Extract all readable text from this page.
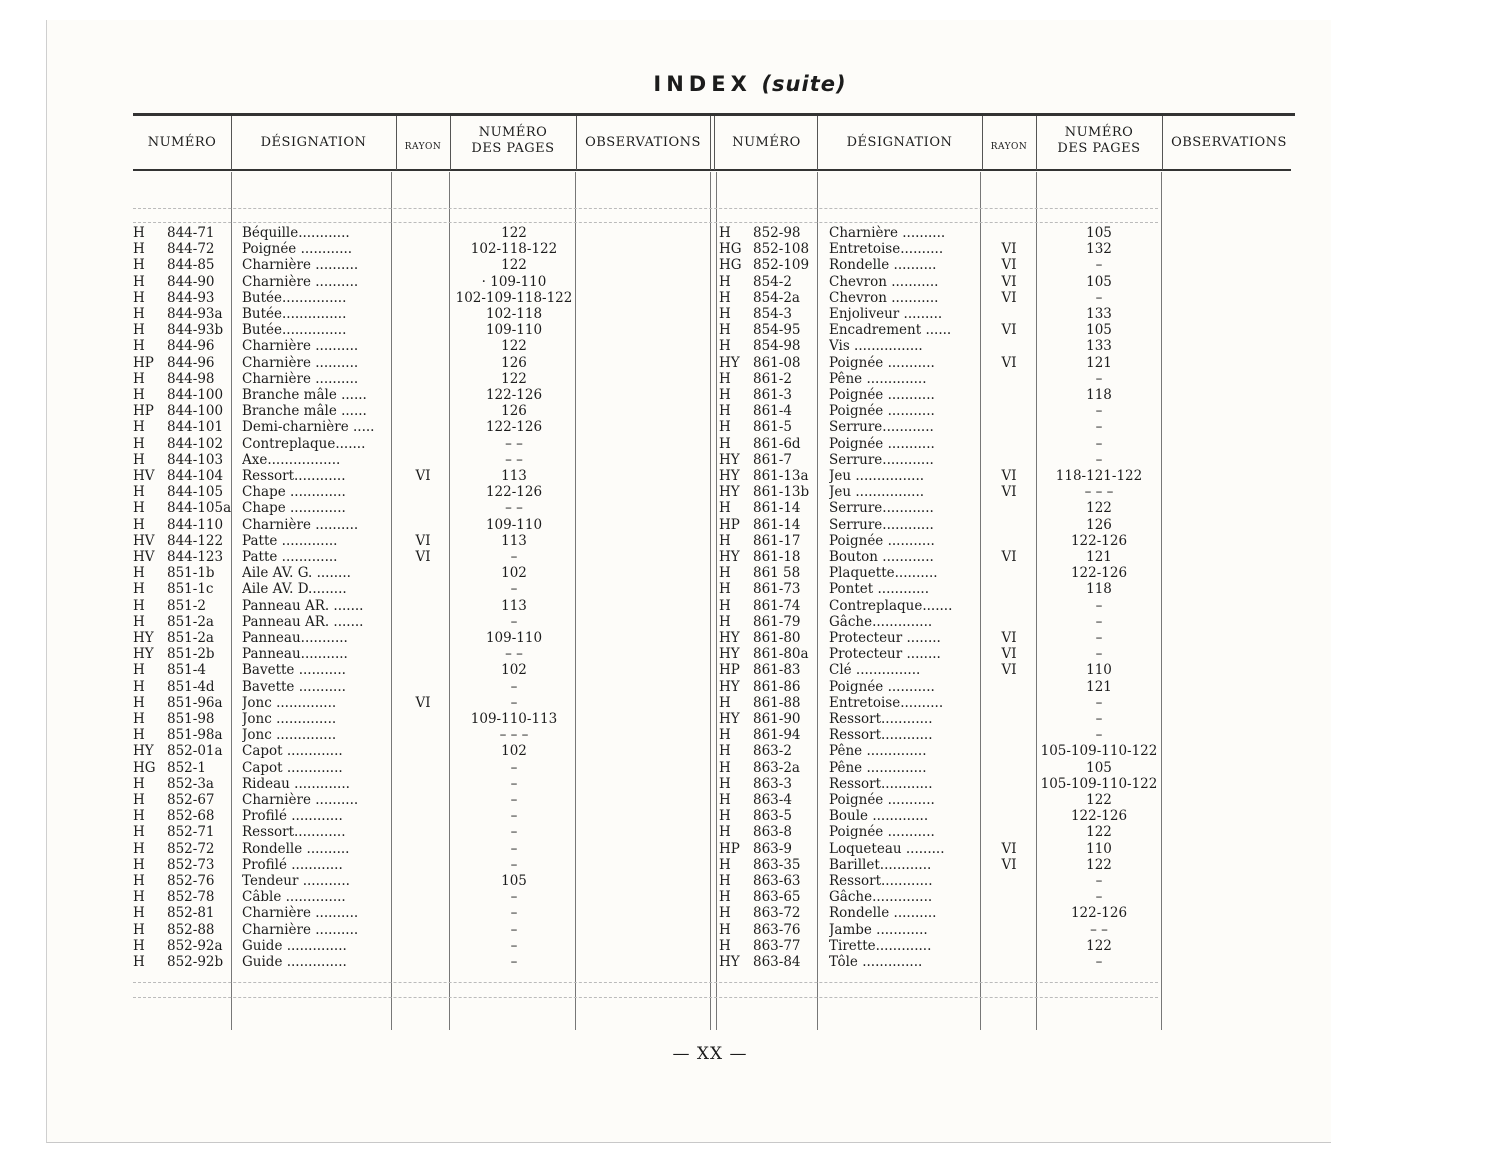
INDEX (suite)
NUMÉRO	DÉSIGNATION	RAYON
NUMÉRO
DES PAGES	OBSERVATIONS	NUMÉRO	DÉSIGNATION	RAYON
NUMÉRO
DES PAGES	OBSERVATIONS
H	844-71	Béquille............	122
H	844-72	Poignée ............	102-118-122
H	844-85	Charnière ..........	122
H	844-90	Charnière ..........	· 109-110
H	844-93	Butée...............	102-109-118-122
H	844-93a	Butée...............	102-118
H	844-93b	Butée...............	109-110
H	844-96	Charnière ..........	122
HP 844-96	Charnière ..........	126
H	844-98	Charnière ..........	122
H	844-100	Branche mâle ......	122-126
HP 844-100	Branche mâle ......	126
H	844-101	Demi-charnière .....	122-126
H	844-102	Contreplaque.......	– –
H	844-103	Axe.................	– –
HV 844-104	Ressort............	VI	113
H	844-105	Chape .............	122-126
H	844-105a Chape .............	– –
H	844-110	Charnière ..........	109-110
HV 844-122	Patte .............	VI	113
HV 844-123	Patte .............	VI	–
H	851-1b	Aile AV. G. ........	102
H	851-1c	Aile AV. D.........	–
H	851-2	Panneau AR. .......	113
H	851-2a	Panneau AR. .......	–
HY 851-2a	Panneau...........	109-110
HY 851-2b	Panneau...........	– –
H	851-4	Bavette ...........	102
H	851-4d	Bavette ...........	–
H	851-96a	Jonc ..............	VI	–
H	851-98	Jonc ..............	109-110-113
H	851-98a	Jonc ..............	– – –
HY 852-01a	Capot .............	102
HG 852-1	Capot .............	–
H	852-3a	Rideau .............	–
H	852-67	Charnière ..........	–
H	852-68	Profilé ............	–
H	852-71	Ressort............	–
H	852-72	Rondelle ..........	–
H	852-73	Profilé ............	–
H	852-76	Tendeur ...........	105
H	852-78	Câble ..............	–
H	852-81	Charnière ..........	–
H	852-88	Charnière ..........	–
H	852-92a	Guide ..............	–
H	852-92b	Guide ..............	–
H	852-98	Charnière ..........	105
HG 852-108	Entretoise..........	VI	132
HG 852-109	Rondelle ..........	VI	–
H	854-2	Chevron ...........	VI	105
H	854-2a	Chevron ...........	VI	–
H	854-3	Enjoliveur .........	133
H	854-95	Encadrement ......	VI	105
H	854-98	Vis ................	133
HY 861-08	Poignée ...........	VI	121
H	861-2	Pêne ..............	–
H	861-3	Poignée ...........	118
H	861-4	Poignée ...........	–
H	861-5	Serrure............	–
H	861-6d	Poignée ...........	–
HY 861-7	Serrure............	–
HY 861-13a	Jeu ................	VI	118-121-122
HY 861-13b	Jeu ................	VI	– – –
H	861-14	Serrure............	122
HP 861-14	Serrure............	126
H	861-17	Poignée ...........	122-126
HY 861-18	Bouton ............	VI	121
H	861 58	Plaquette..........	122-126
H	861-73	Pontet ............	118
H	861-74	Contreplaque.......	–
H	861-79	Gâche..............	–
HY 861-80	Protecteur ........	VI	–
HY 861-80a	Protecteur ........	VI	–
HP 861-83	Clé ...............	VI	110
HY 861-86	Poignée ...........	121
H	861-88	Entretoise..........	–
HY 861-90	Ressort............	–
H	861-94	Ressort............	–
H	863-2	Pêne ..............	105-109-110-122
H	863-2a	Pêne ..............	105
H	863-3	Ressort............	105-109-110-122
H	863-4	Poignée ...........	122
H	863-5	Boule .............	122-126
H	863-8	Poignée ...........	122
HP 863-9	Loqueteau .........	VI	110
H	863-35	Barillet............	VI	122
H	863-63	Ressort............	–
H	863-65	Gâche..............	–
H	863-72	Rondelle ..........	122-126
H	863-76	Jambe ............	– –
H	863-77	Tirette.............	122
HY 863-84	Tôle ..............	–
— XX —
